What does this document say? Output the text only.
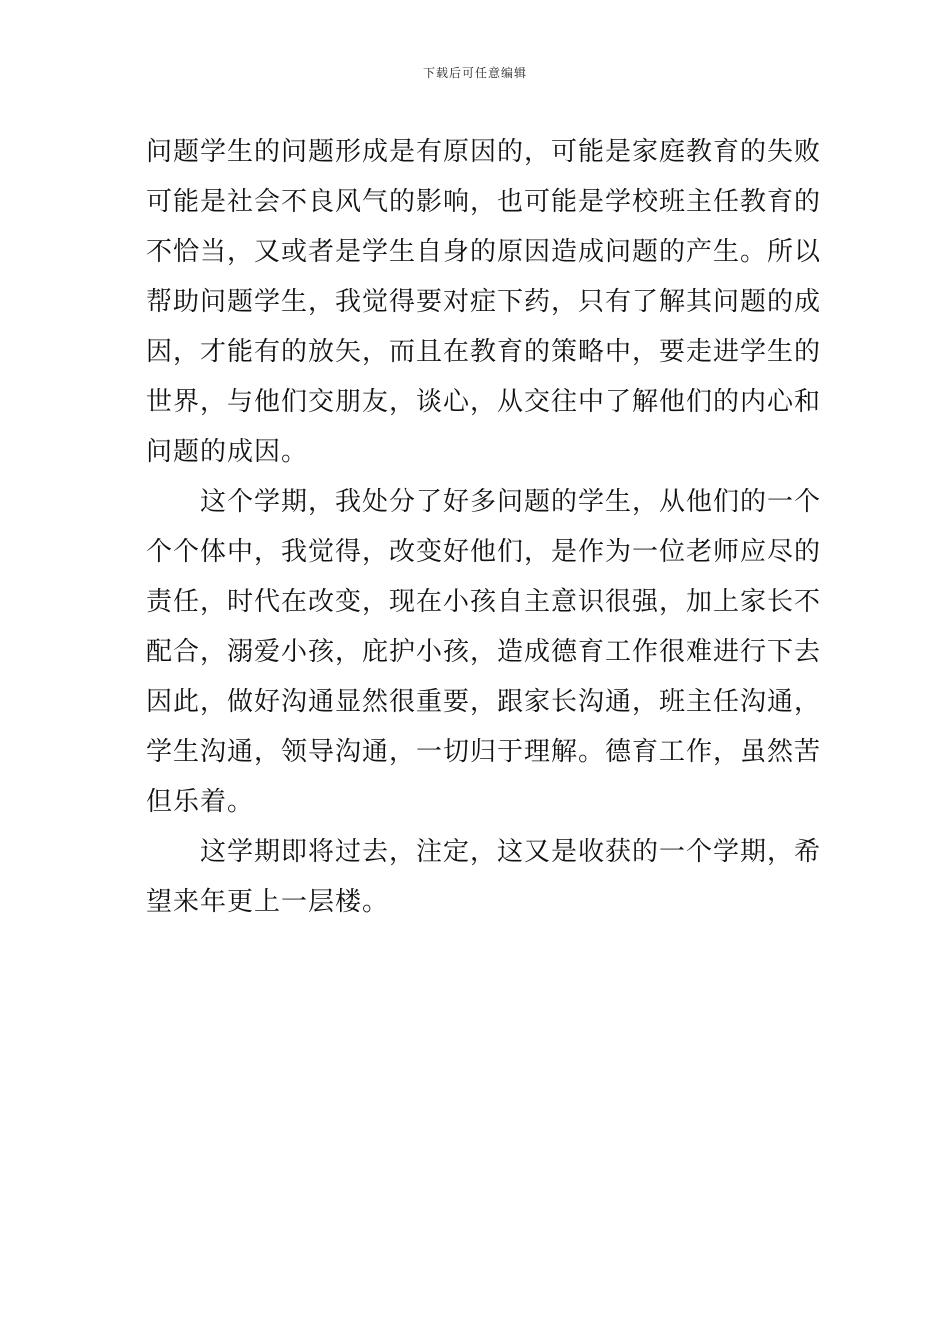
下载后可任意编辑
问题学生的问题形成是有原因的，可能是家庭教育的失败
可能是社会不良风气的影响，也可能是学校班主任教育的
不恰当，又或者是学生自身的原因造成问题的产生。所以
帮助问题学生，我觉得要对症下药，只有了解其问题的成
因，才能有的放矢，而且在教育的策略中，要走进学生的
世界，与他们交朋友，谈心，从交往中了解他们的内心和
问题的成因。
这个学期，我处分了好多问题的学生，从他们的一个
个个体中，我觉得，改变好他们，是作为一位老师应尽的
责任，时代在改变，现在小孩自主意识很强，加上家长不
配合，溺爱小孩，庇护小孩，造成德育工作很难进行下去
因此，做好沟通显然很重要，跟家长沟通，班主任沟通，
学生沟通，领导沟通，一切归于理解。德育工作，虽然苦
但乐着。
这学期即将过去，注定，这又是收获的一个学期，希
望来年更上一层楼。
